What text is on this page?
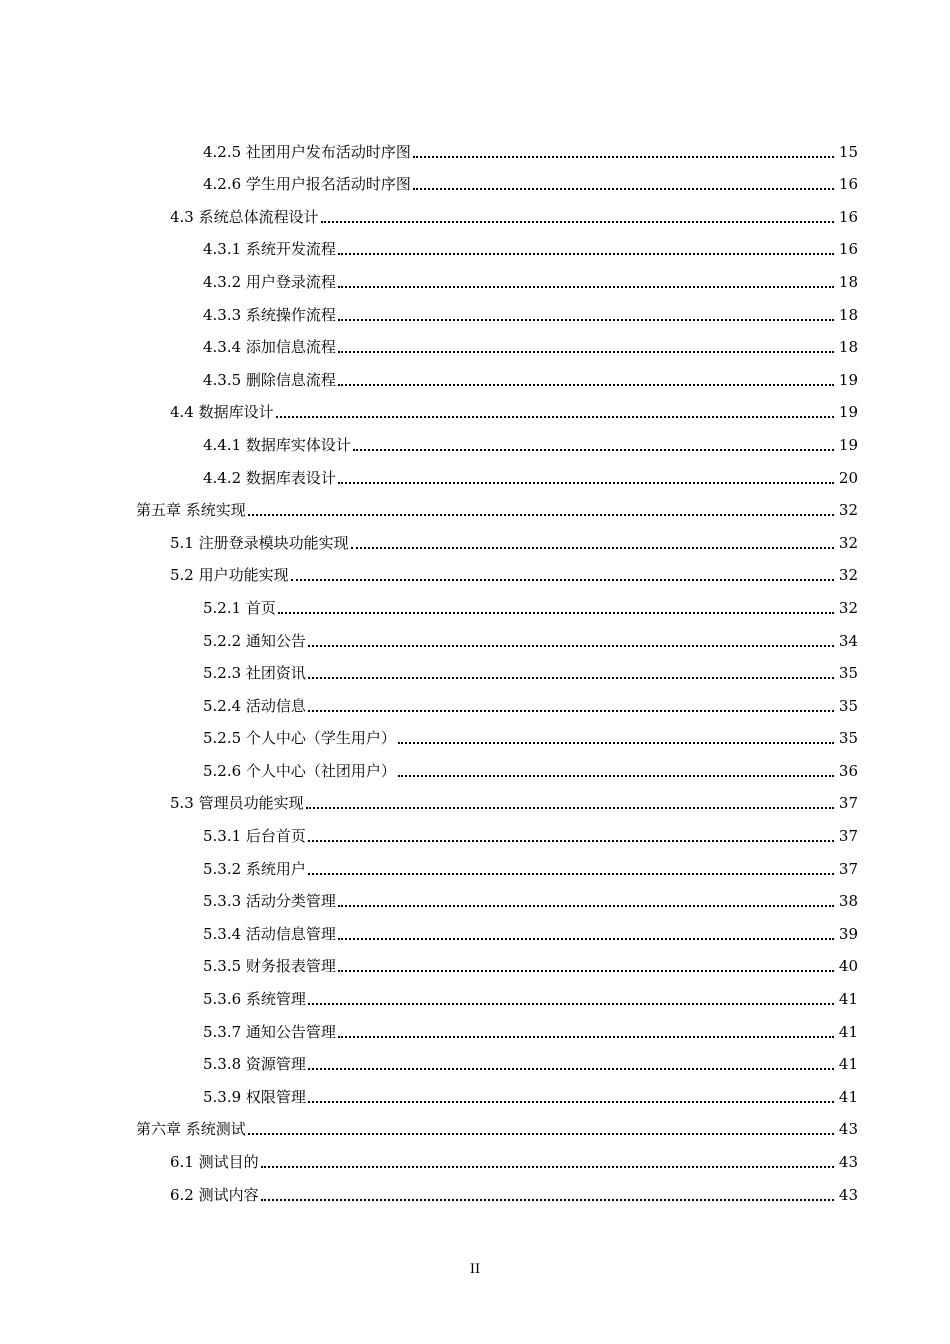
4.2.5 社团用户发布活动时序图	15
4.2.6 学生用户报名活动时序图	16
4.3 系统总体流程设计	16
4.3.1 系统开发流程	16
4.3.2 用户登录流程	18
4.3.3 系统操作流程	18
4.3.4 添加信息流程	18
4.3.5 删除信息流程	19
4.4 数据库设计	19
4.4.1 数据库实体设计	19
4.4.2 数据库表设计	20
第五章 系统实现	32
5.1 注册登录模块功能实现	32
5.2 用户功能实现	32
5.2.1 首页	32
5.2.2 通知公告	34
5.2.3 社团资讯	35
5.2.4 活动信息	35
5.2.5 个人中心（学生用户）	35
5.2.6 个人中心（社团用户）	36
5.3 管理员功能实现	37
5.3.1 后台首页	37
5.3.2 系统用户	37
5.3.3 活动分类管理	38
5.3.4 活动信息管理	39
5.3.5 财务报表管理	40
5.3.6 系统管理	41
5.3.7 通知公告管理	41
5.3.8 资源管理	41
5.3.9 权限管理	41
第六章 系统测试	43
6.1 测试目的	43
6.2 测试内容	43
II
